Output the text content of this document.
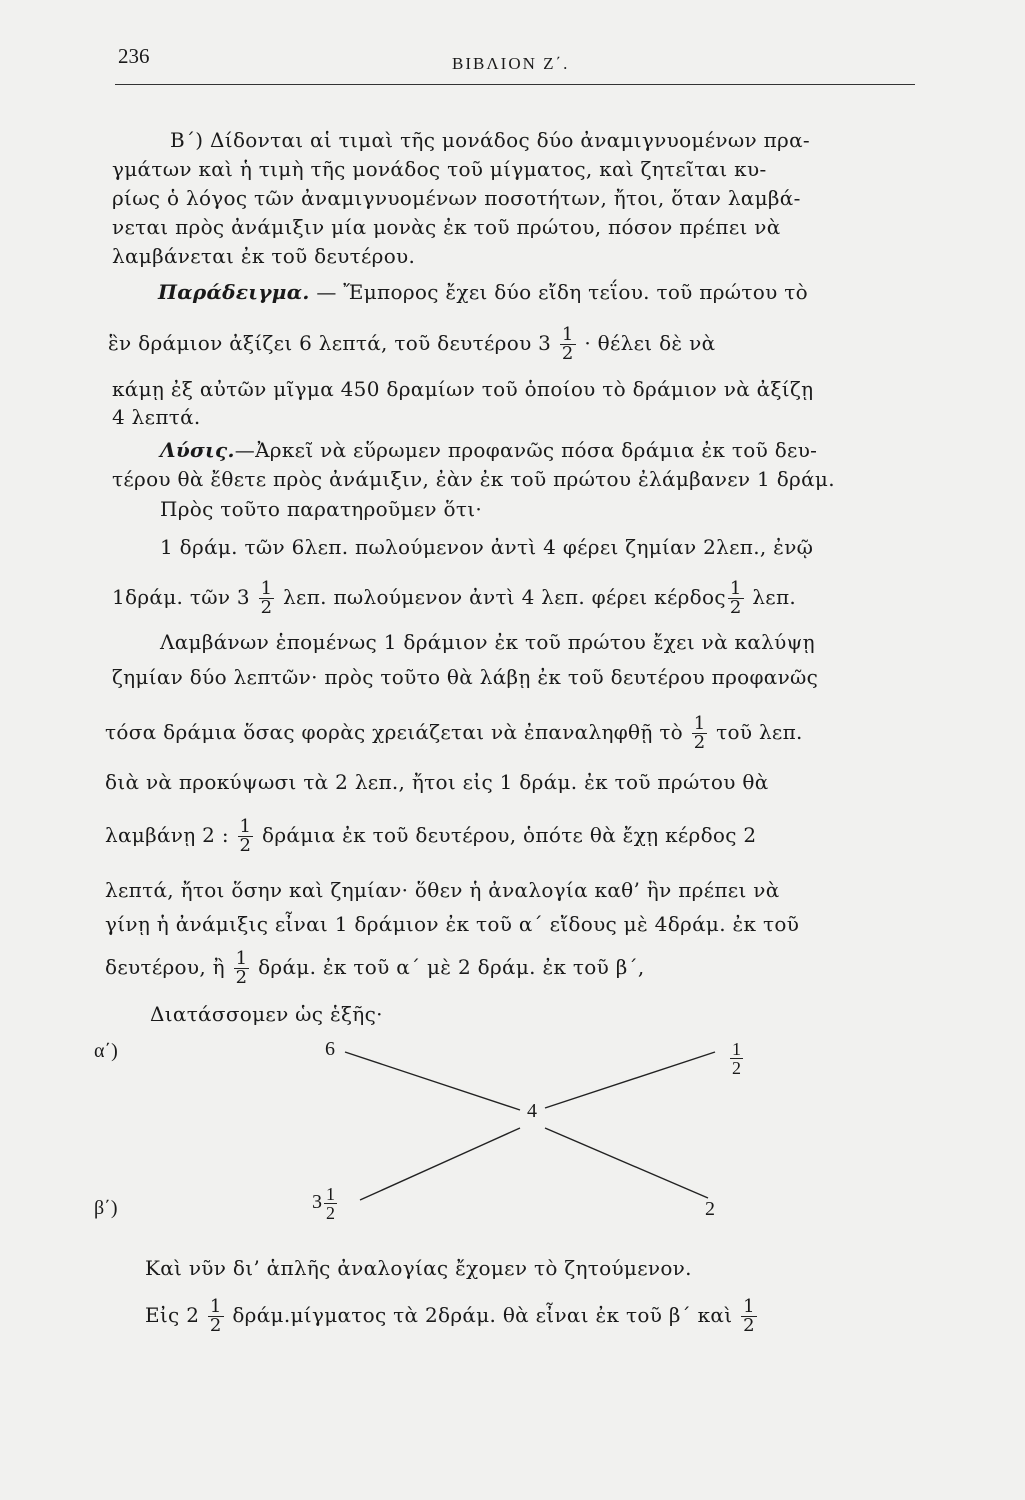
236	ΒΙΒΛΙΟΝ Ζ΄.
Β΄) Δίδονται αἱ τιμαὶ τῆς μονάδος δύο ἀναμιγνυομένων πρα-
γμάτων καὶ ἡ τιμὴ τῆς μονάδος τοῦ μίγματος, καὶ ζητεῖται κυ-
ρίως ὁ λόγος τῶν ἀναμιγνυομένων ποσοτήτων, ἤτοι, ὅταν λαμβά-
νεται πρὸς ἀνάμιξιν μία μονὰς ἐκ τοῦ πρώτου, πόσον πρέπει νὰ
λαμβάνεται ἐκ τοῦ δευτέρου.
Παράδειγμα. — Ἔμπορος ἔχει δύο εἴδη τεΐου. τοῦ πρώτου τὸ
ἓν δράμιον ἀξίζει 6 λεπτά, τοῦ δευτέρου $3 \frac{1}{2} \cdot \theta έ\lambda\varepsilon\iota$ δὲ νὰ
κάμῃ ἐξ αὐτῶν μῖγμα 450 δραμίων τοῦ ὁποίου τὸ δράμιον νὰ ἀξίζῃ
4 λεπτά.
Λύσις.—Ἀρκεῖ νὰ εὕρωμεν προφανῶς πόσα δράμια ἐκ τοῦ δευ-
τέρου θὰ ἔθετε πρὸς ἀνάμιξιν, ἐὰν ἐκ τοῦ πρώτου ἐλάμβανεν 1 δράμ.
Πρὸς τοῦτο παρατηροῦμεν ὅτι·
1 δράμ. τῶν 6λεπ. πωλούμενον ἀντὶ 4 φέρει ζημίαν 2λεπ., ἐνῷ
1δράμ. τῶν $3 \frac{1}{2} \lambda\varepsilon\pi$. πωλούμενον ἀντὶ 4 λεπ. φέρει κέρδος $\frac{1}{2} \lambda\varepsilon\pi$.
Λαμβάνων ἑπομένως 1 δράμιον ἐκ τοῦ πρώτου ἔχει νὰ καλύψῃ
ζημίαν δύο λεπτῶν· πρὸς τοῦτο θὰ λάβῃ ἐκ τοῦ δευτέρου προφανῶς
τόσα δράμια ὅσας φορὰς χρειάζεται νὰ ἐπαναληφθῇ τὸ $\frac{1}{2}$ τοῦ λεπ.
διὰ νὰ προκύψωσι τὰ 2 λεπ., ἤτοι εἰς 1 δράμ. ἐκ τοῦ πρώτου θὰ
λαμβάνῃ 2 : $\frac{1}{2}$ δράμια ἐκ τοῦ δευτέρου, ὁπότε θὰ ἔχῃ κέρδος 2
λεπτά, ἤτοι ὅσην καὶ ζημίαν· ὅθεν ἡ ἀναλογία καθ’ ἣν πρέπει νὰ
γίνῃ ἡ ἀνάμιξις εἶναι 1 δράμιον ἐκ τοῦ α΄ εἴδους μὲ 4δράμ. ἐκ τοῦ
δευτέρου, ἢ $\frac{1}{2} \delta\rho ά\mu$. ἐκ τοῦ α΄ μὲ 2 δράμ. ἐκ τοῦ β΄,
Διατάσσομεν ὡς ἑξῆς·
α΄)	6	$\frac{1}{2}$
4
β΄)	$3 \frac{1}{2}$	2
Καὶ νῦν δι’ ἁπλῆς ἀναλογίας ἔχομεν τὸ ζητούμενον.
Εἰς $2 \frac{1}{2} \delta\rho ά\mu.\mu ί\gamma\mu\alpha\tau o\varsigma$ τὰ 2δράμ. θὰ εἶναι ἐκ τοῦ β΄ καὶ $\frac{1}{2}$
